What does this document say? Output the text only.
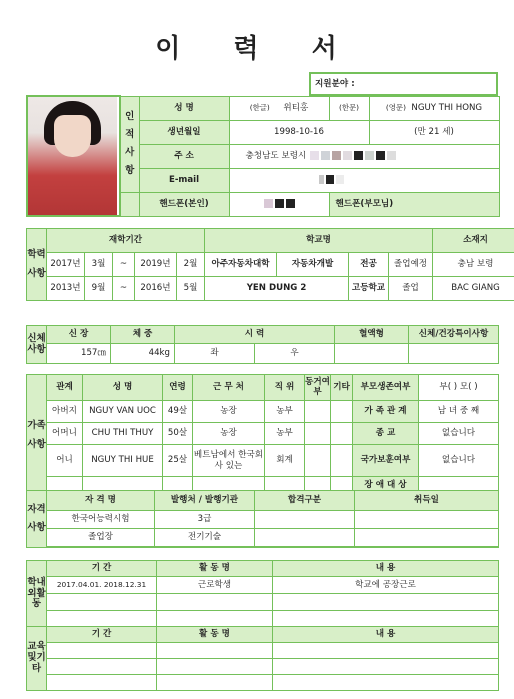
이 력 서
지원분야 :
	인적사항	성 명	(한글) 위티홍	(한문)	(영문) NGUY THI HONG
		생년월일	1998-10-16		(만 21 세)
		주 소	충청남도 보령시		
		E-mail			
		핸드폰(본인)		핸드폰(부모님)	
학력사항	재학기간					학교명				소재지
	2017년	3월	~	2019년	2월	아주자동차대학	자동차개발	전공	졸업예정	충남 보령
	2013년	9월	~	2016년	5월	YEN DUNG 2		고등학교	졸업	BAC GIANG
신체사항	신 장	체 중	시 력		혈액형	신체/건강특이사항
	157㎝	44kg	좌	우		
가족사항	관계	성 명	연령	근 무 처	직 위	동거여부	기타	부모생존여부	부( ) 모( )
	아버지	NGUY VAN UOC	49살	농장	농부			가 족 관 계	남 녀 중 째
	어머니	CHU THI THUY	50살	농장	농부			종 교	없습니다
	어니	NGUY THI HUE	25살	베트남에서 한국회사 있는	회계			국가보훈여부	없습니다
								장 애 대 상	

자격사항	자 격 명	발행처 / 발행기관	합격구분	취득일
	한국어능력시험	3급		
	졸업장	전기기술		

학내외활동	기 간	활 동 명	내 용
	2017.04.01. 2018.12.31	근로학생	학교에 공장근로

교육및기타	기 간	활 동 명	내 용
